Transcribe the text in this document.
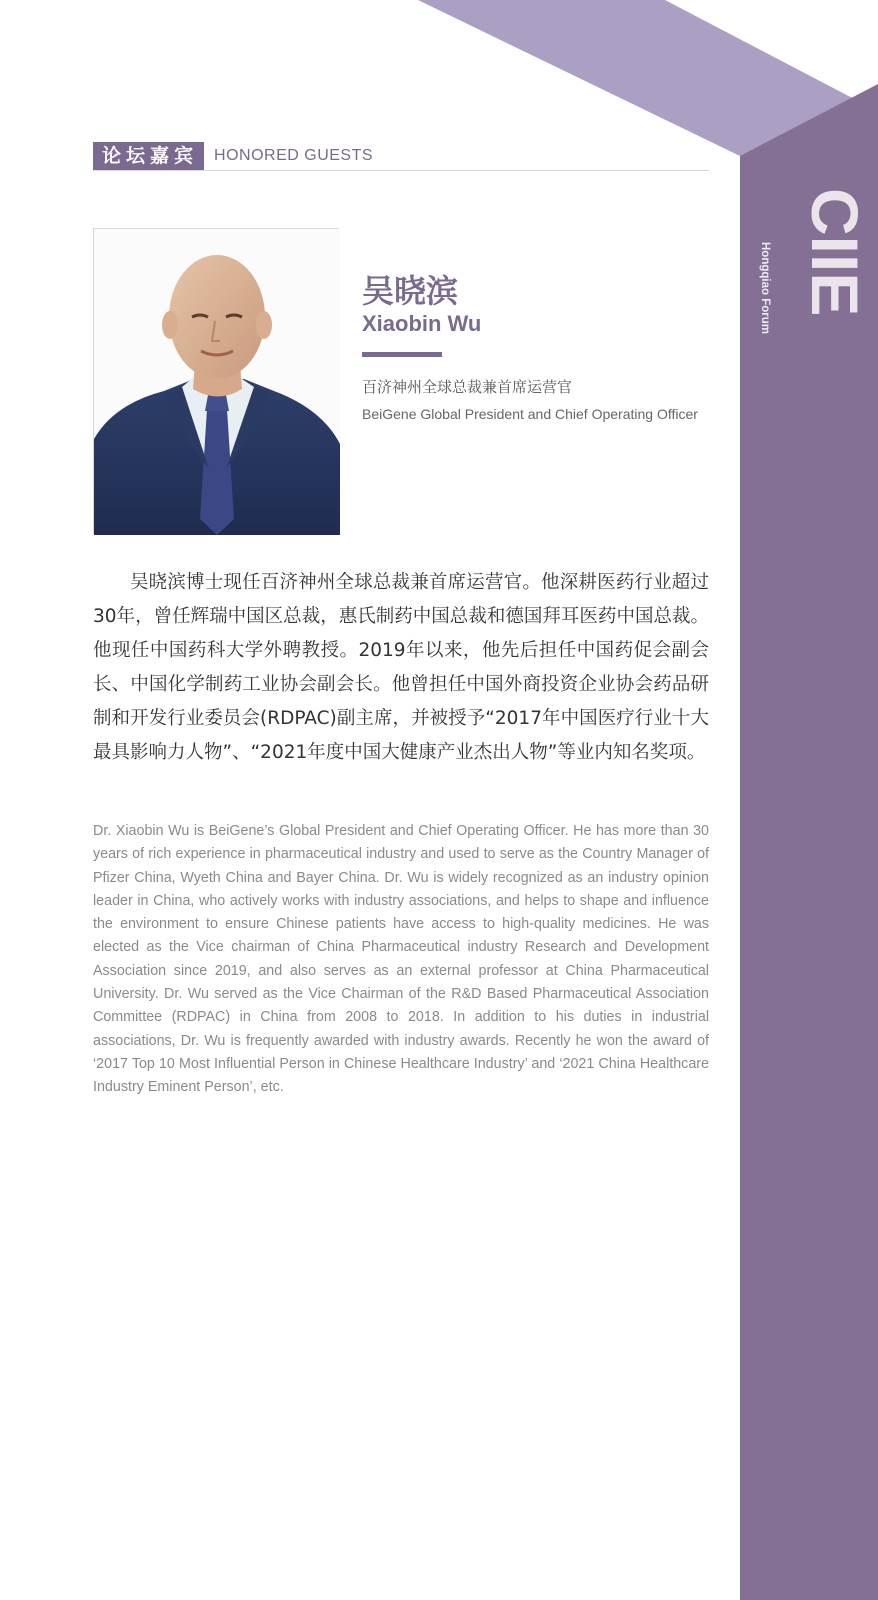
CIIE
Hongqiao Forum
论坛嘉宾	HONORED GUESTS
吴晓滨
Xiaobin Wu
百济神州全球总裁兼首席运营官
BeiGene Global President and Chief Operating Officer

吴晓滨博士现任百济神州全球总裁兼首席运营官。他深耕医药行业超过30年，曾任辉瑞中国区总裁，惠氏制药中国总裁和德国拜耳医药中国总裁。他现任中国药科大学外聘教授。2019年以来，他先后担任中国药促会副会长、中国化学制药工业协会副会长。他曾担任中国外商投资企业协会药品研制和开发行业委员会(RDPAC)副主席，并被授予“2017年中国医疗行业十大最具影响力人物”、“2021年度中国大健康产业杰出人物”等业内知名奖项。

Dr. Xiaobin Wu is BeiGene’s Global President and Chief Operating Officer. He has more than 30 years of rich experience in pharmaceutical industry and used to serve as the Country Manager of Pfizer China, Wyeth China and Bayer China. Dr. Wu is widely recognized as an industry opinion leader in China, who actively works with industry associations, and helps to shape and influence the environment to ensure Chinese patients have access to high-quality medicines. He was elected as the Vice chairman of China Pharmaceutical industry Research and Development Association since 2019, and also serves as an external professor at China Pharmaceutical University. Dr. Wu served as the Vice Chairman of the R&D Based Pharmaceutical Association Committee (RDPAC) in China from 2008 to 2018. In addition to his duties in industrial associations, Dr. Wu is frequently awarded with industry awards. Recently he won the award of ‘2017 Top 10 Most Influential Person in Chinese Healthcare Industry’ and ‘2021 China Healthcare Industry Eminent Person’, etc.
